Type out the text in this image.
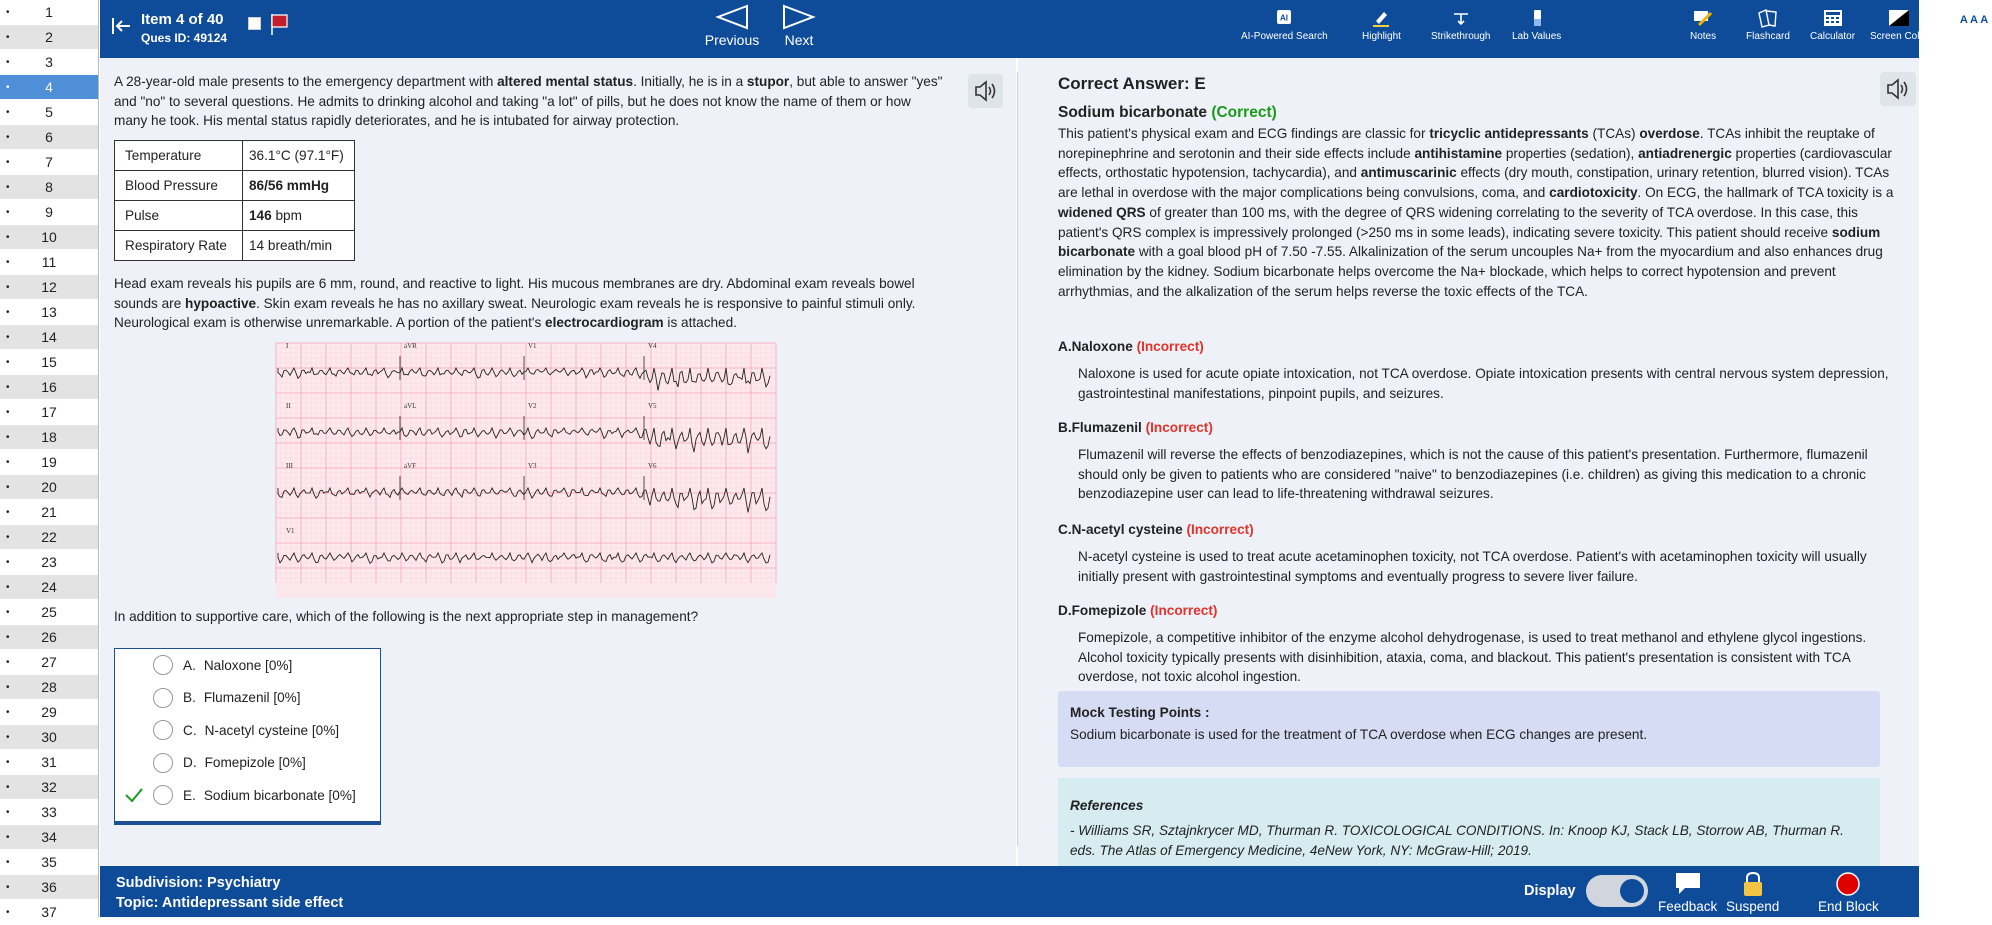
•	1
•	2
•	3
•	4
•	5
•	6
•	7
•	8
•	9
•	10
•	11
•	12
•	13
•	14
•	15
•	16
•	17
•	18
•	19
•	20
•	21
•	22
•	23
•	24
•	25
•	26
•	27
•	28
•	29
•	30
•	31
•	32
•	33
•	34
•	35
•	36
•	37
Item 4 of 40
Ques ID: 49124	Previous	Next
AI
AI-Powered Search	Highlight	Strikethrough Lab Values	Notes	Flashcard Calculator Screen Color
A A A
Zoom
A 28-year-old male presents to the emergency department with altered mental status. Initially, he is in a stupor, but able to answer "yes" and "no" to several questions. He admits to drinking alcohol and taking "a lot" of pills, but he does not know the name of them or how many he took. His mental status rapidly deteriorates, and he is intubated for airway protection.
Temperature	36.1°C (97.1°F)
Blood Pressure	86/56 mmHg
Pulse	146 bpm
Respiratory Rate	14 breath/min
Head exam reveals his pupils are 6 mm, round, and reactive to light. His mucous membranes are dry. Abdominal exam reveals bowel sounds are hypoactive. Skin exam reveals he has no axillary sweat. Neurologic exam reveals he is responsive to painful stimuli only. Neurological exam is otherwise unremarkable. A portion of the patient's electrocardiogram is attached.
I	aVR	V1	V4
II	aVL	V2	V5
III	aVF	V3	V6
V1
In addition to supportive care, which of the following is the next appropriate step in management?
A. Naloxone [0%]
B. Flumazenil [0%]
C. N-acetyl cysteine [0%]
D. Fomepizole [0%]
E. Sodium bicarbonate [0%]
Correct Answer: E
Sodium bicarbonate (Correct)
This patient's physical exam and ECG findings are classic for tricyclic antidepressants (TCAs) overdose. TCAs inhibit the reuptake of norepinephrine and serotonin and their side effects include antihistamine properties (sedation), antiadrenergic properties (cardiovascular effects, orthostatic hypotension, tachycardia), and antimuscarinic effects (dry mouth, constipation, urinary retention, blurred vision). TCAs are lethal in overdose with the major complications being convulsions, coma, and cardiotoxicity. On ECG, the hallmark of TCA toxicity is a widened QRS of greater than 100 ms, with the degree of QRS widening correlating to the severity of TCA overdose. In this case, this patient's QRS complex is impressively prolonged (>250 ms in some leads), indicating severe toxicity. This patient should receive sodium bicarbonate with a goal blood pH of 7.50 -7.55. Alkalinization of the serum uncouples Na+ from the myocardium and also enhances drug elimination by the kidney. Sodium bicarbonate helps overcome the Na+ blockade, which helps to correct hypotension and prevent arrhythmias, and the alkalization of the serum helps reverse the toxic effects of the TCA.
A.Naloxone (Incorrect)
Naloxone is used for acute opiate intoxication, not TCA overdose. Opiate intoxication presents with central nervous system depression, gastrointestinal manifestations, pinpoint pupils, and seizures.
B.Flumazenil (Incorrect)
Flumazenil will reverse the effects of benzodiazepines, which is not the cause of this patient's presentation. Furthermore, flumazenil should only be given to patients who are considered "naive" to benzodiazepines (i.e. children) as giving this medication to a chronic benzodiazepine user can lead to life-threatening withdrawal seizures.
C.N-acetyl cysteine (Incorrect)
N-acetyl cysteine is used to treat acute acetaminophen toxicity, not TCA overdose. Patient's with acetaminophen toxicity will usually initially present with gastrointestinal symptoms and eventually progress to severe liver failure.
D.Fomepizole (Incorrect)
Fomepizole, a competitive inhibitor of the enzyme alcohol dehydrogenase, is used to treat methanol and ethylene glycol ingestions. Alcohol toxicity typically presents with disinhibition, ataxia, coma, and blackout. This patient's presentation is consistent with TCA overdose, not toxic alcohol ingestion.
Mock Testing Points :
Sodium bicarbonate is used for the treatment of TCA overdose when ECG changes are present.
References
- Williams SR, Sztajnkrycer MD, Thurman R. TOXICOLOGICAL CONDITIONS. In: Knoop KJ, Stack LB, Storrow AB, Thurman R. eds. The Atlas of Emergency Medicine, 4eNew York, NY: McGraw-Hill; 2019.
Subdivision: Psychiatry
Topic: Antidepressant side effect
Display
Feedback Suspend	End Block
